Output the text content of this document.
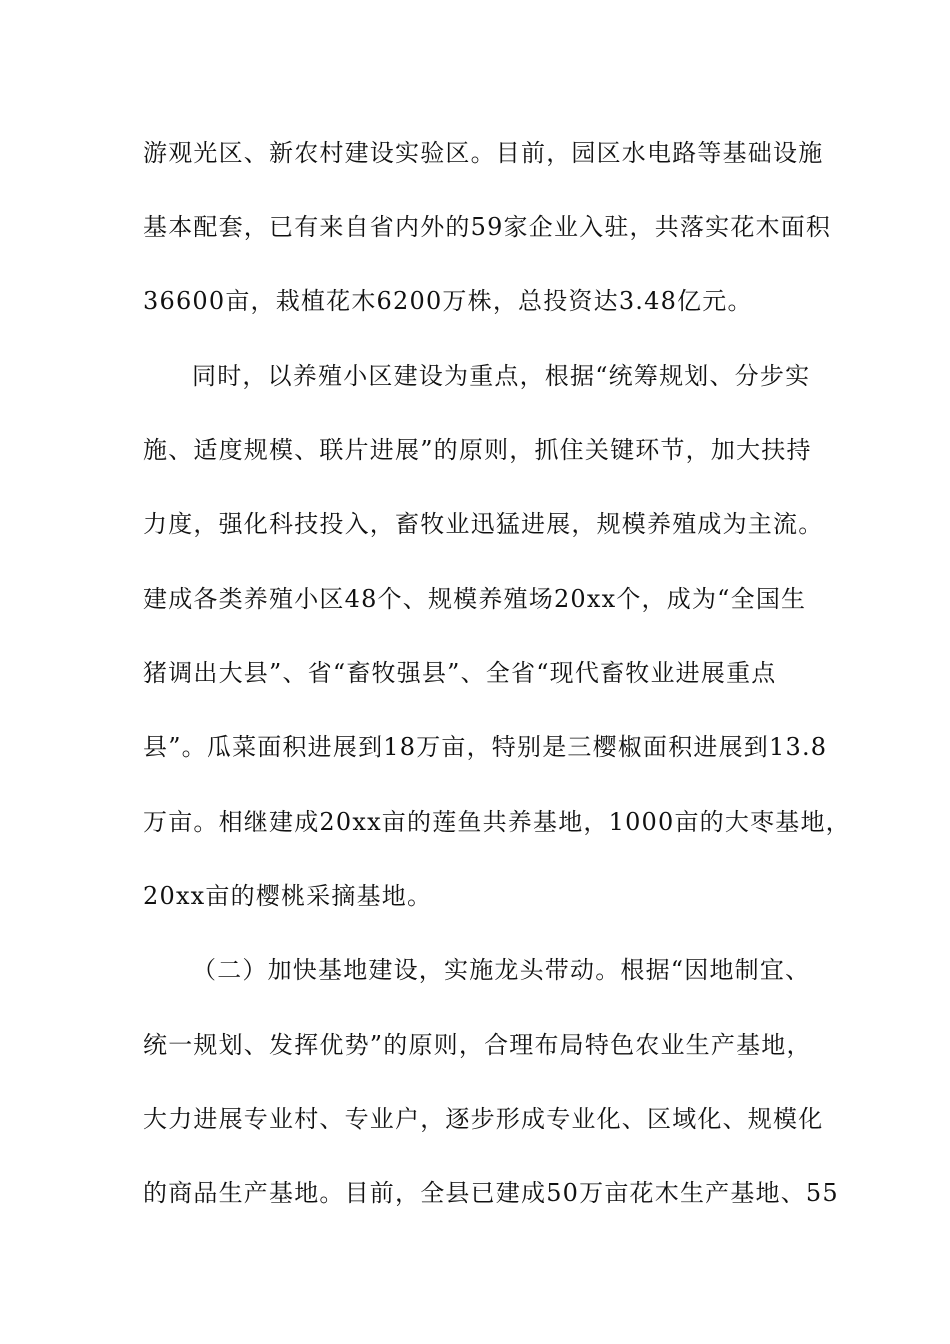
游观光区、新农村建设实验区。目前，园区水电路等基础设施
基本配套，已有来自省内外的59家企业入驻，共落实花木面积
36600亩，栽植花木6200万株，总投资达3.48亿元。
同时，以养殖小区建设为重点，根据“统筹规划、分步实
施、适度规模、联片进展”的原则，抓住关键环节，加大扶持
力度，强化科技投入，畜牧业迅猛进展，规模养殖成为主流。
建成各类养殖小区48个、规模养殖场20xx个，成为“全国生
猪调出大县”、省“畜牧强县”、全省“现代畜牧业进展重点
县”。瓜菜面积进展到18万亩，特别是三樱椒面积进展到13.8
万亩。相继建成20xx亩的莲鱼共养基地，1000亩的大枣基地，
20xx亩的樱桃采摘基地。
（二）加快基地建设，实施龙头带动。根据“因地制宜、
统一规划、发挥优势”的原则，合理布局特色农业生产基地，
大力进展专业村、专业户，逐步形成专业化、区域化、规模化
的商品生产基地。目前，全县已建成50万亩花木生产基地、55
